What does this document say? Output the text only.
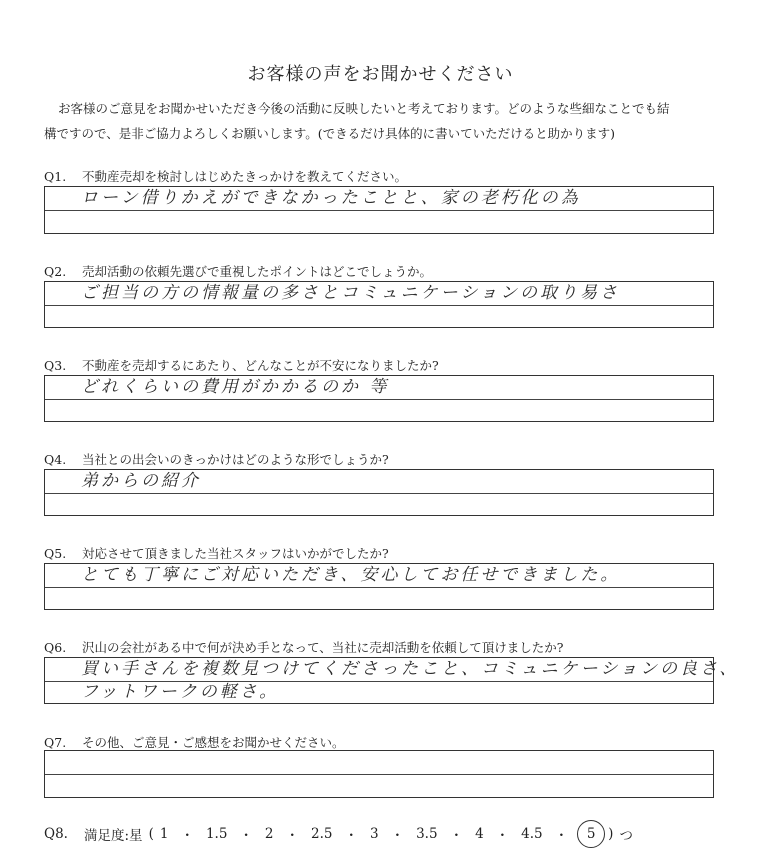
お客様の声をお聞かせください
お客様のご意見をお聞かせいただき今後の活動に反映したいと考えております。どのような些細なことでも結
構ですので、是非ご協力よろしくお願いします。(できるだけ具体的に書いていただけると助かります)
Q1. 不動産売却を検討しはじめたきっかけを教えてください。
ローン借りかえができなかったことと、家の老朽化の為
Q2. 売却活動の依頼先選びで重視したポイントはどこでしょうか。
ご担当の方の情報量の多さとコミュニケーションの取り易さ
Q3. 不動産を売却するにあたり、どんなことが不安になりましたか?
どれくらいの費用がかかるのか 等
Q4. 当社との出会いのきっかけはどのような形でしょうか?
弟からの紹介
Q5. 対応させて頂きました当社スタッフはいかがでしたか?
とても丁寧にご対応いただき、安心してお任せできました。
Q6. 沢山の会社がある中で何が決め手となって、当社に売却活動を依頼して頂けましたか?
買い手さんを複数見つけてくださったこと、コミュニケーションの良さ、
フットワークの軽さ。
Q7. その他、ご意見・ご感想をお聞かせください。
Q8.	満足度:星 ( 1 ・ 1.5 ・ 2 ・ 2.5 ・ 3 ・ 3.5 ・ 4 ・ 4.5 ・	5 ) つ
